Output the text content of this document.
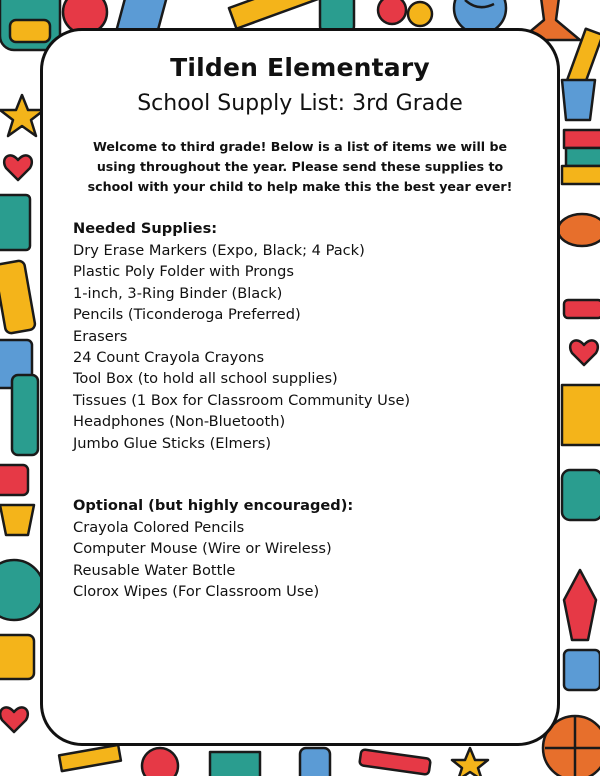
Tilden Elementary
School Supply List: 3rd Grade
Welcome to third grade! Below is a list of items we will be using throughout the year. Please send these supplies to school with your child to help make this the best year ever!
Needed Supplies:
Dry Erase Markers (Expo, Black; 4 Pack)
Plastic Poly Folder with Prongs
1-inch, 3-Ring Binder (Black)
Pencils (Ticonderoga Preferred)
Erasers
24 Count Crayola Crayons
Tool Box (to hold all school supplies)
Tissues (1 Box for Classroom Community Use)
Headphones (Non-Bluetooth)
Jumbo Glue Sticks (Elmers)
Optional (but highly encouraged):
Crayola Colored Pencils
Computer Mouse (Wire or Wireless)
Reusable Water Bottle
Clorox Wipes (For Classroom Use)
